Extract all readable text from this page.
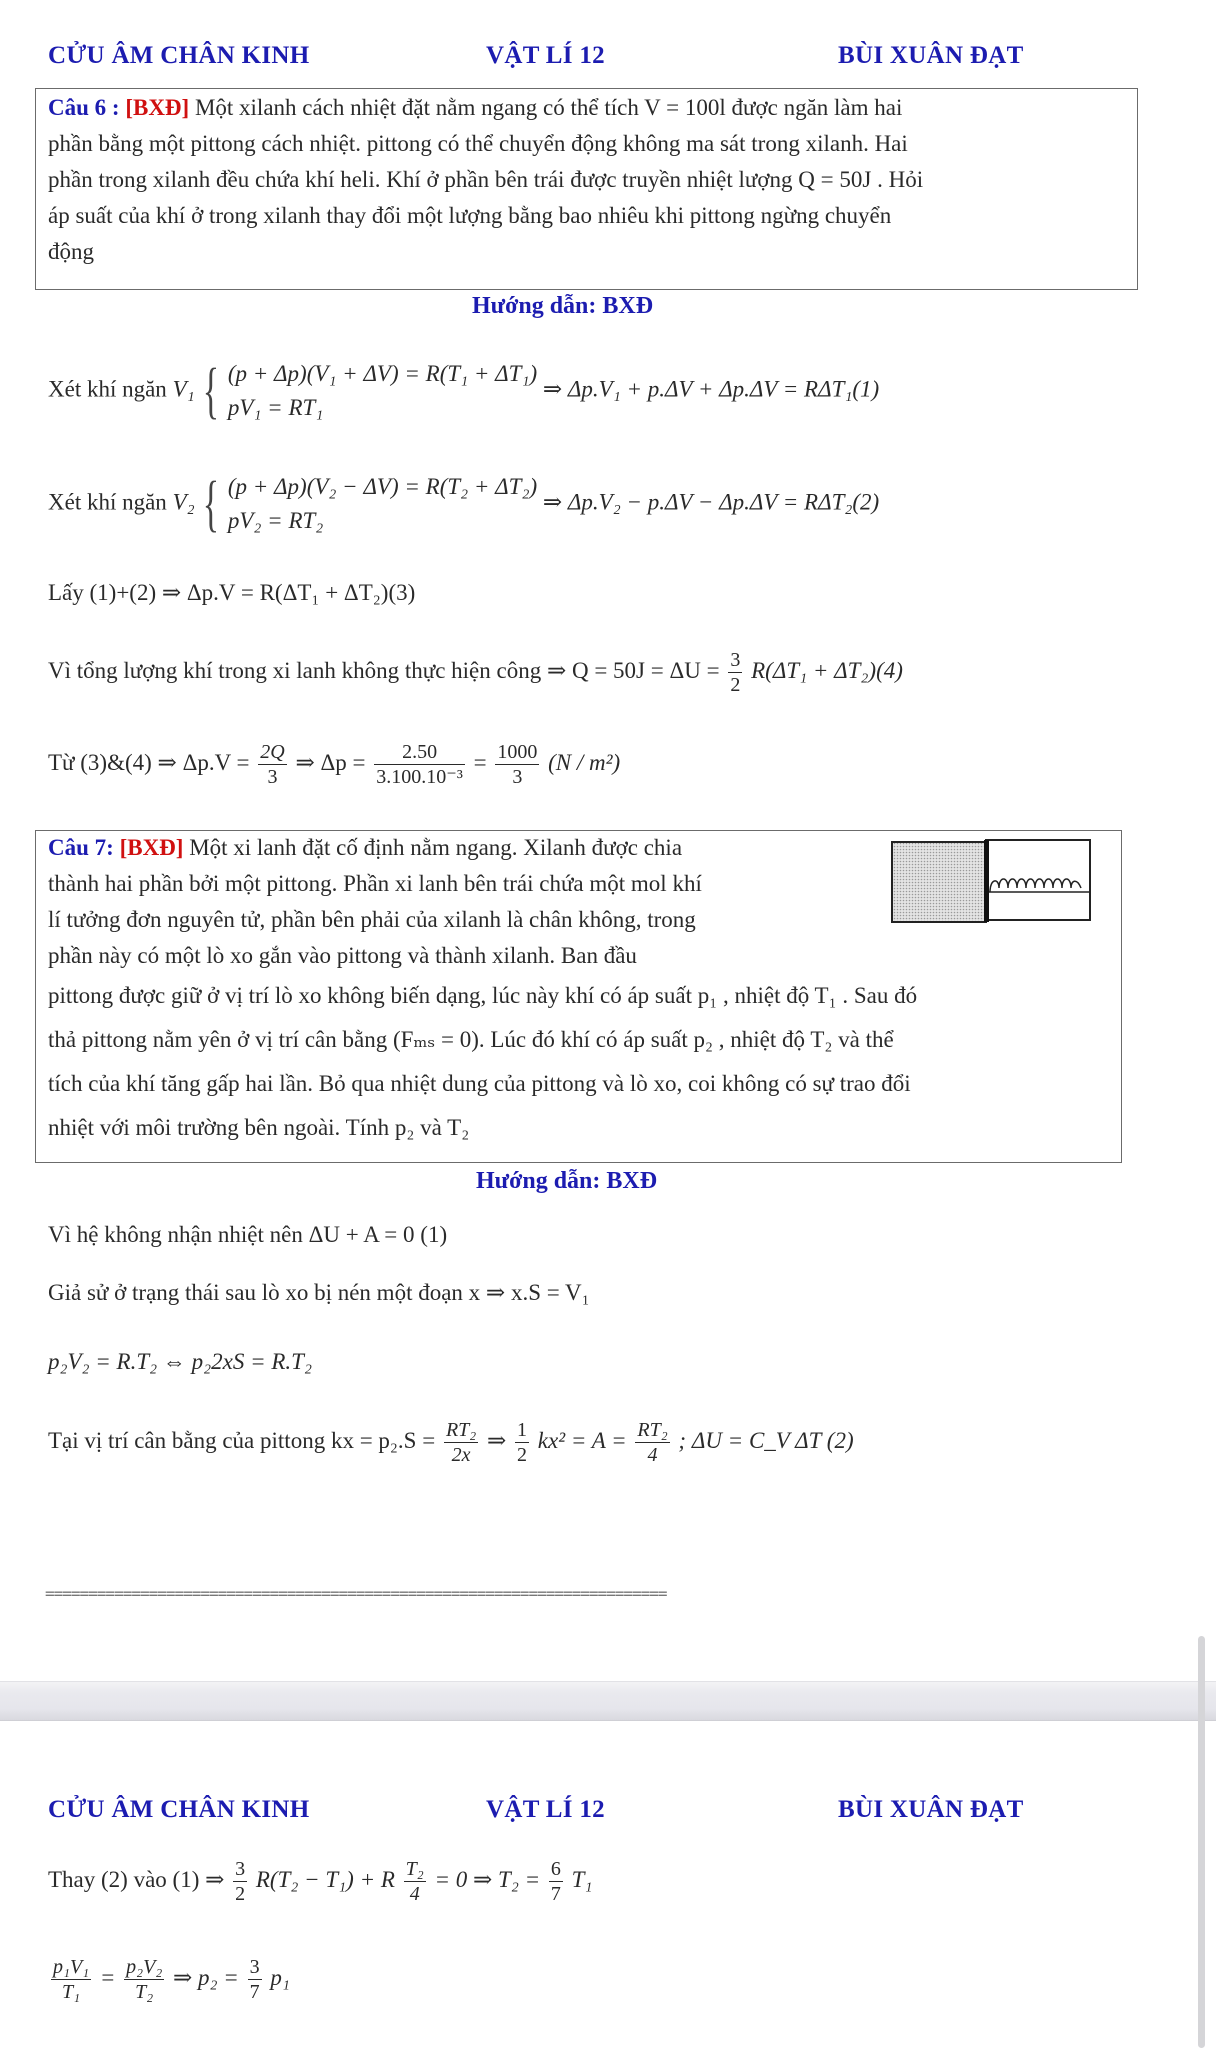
CỬU ÂM CHÂN KINH	VẬT LÍ 12	BÙI XUÂN ĐẠT
Câu 6 : [BXĐ] Một xilanh cách nhiệt đặt nằm ngang có thể tích V = 100l được ngăn làm hai
phần bằng một pittong cách nhiệt. pittong có thể chuyển động không ma sát trong xilanh. Hai
phần trong xilanh đều chứa khí heli. Khí ở phần bên trái được truyền nhiệt lượng Q = 50J . Hỏi
áp suất của khí ở trong xilanh thay đổi một lượng bằng bao nhiêu khi pittong ngừng chuyển
động
Hướng dẫn: BXĐ
Xét khí ngăn V₁ { (p + Δp)(V₁ + ΔV) = R(T₁ + ΔT₁)
pV₁ = RT₁
⇒ Δp.V₁ + p.ΔV + Δp.ΔV = RΔT₁(1)
Xét khí ngăn V₂ { (p + Δp)(V₂ − ΔV) = R(T₂ + ΔT₂)
pV₂ = RT₂
⇒ Δp.V₂ − p.ΔV − Δp.ΔV = RΔT₂(2)
Lấy (1)+(2) ⇒ Δp.V = R(ΔT₁ + ΔT₂)(3)
Vì tổng lượng khí trong xi lanh không thực hiện công ⇒ $Q = 50J = \Delta U = \frac{3}{2} R(\Delta T_1 + \Delta T_2)(4)$
Từ (3)&(4) ⇒ $\Delta p.V = \frac{2Q}{3}$ ⇒ $\Delta p = \frac{2.50}{\text{3.100.10⁻³}} = \frac{1000}{3} (N / m^2)$
Câu 7: [BXĐ] Một xi lanh đặt cố định nằm ngang. Xilanh được chia
thành hai phần bởi một pittong. Phần xi lanh bên trái chứa một mol khí
lí tưởng đơn nguyên tử, phần bên phải của xilanh là chân không, trong
phần này có một lò xo gắn vào pittong và thành xilanh. Ban đầu
pittong được giữ ở vị trí lò xo không biến dạng, lúc này khí có áp suất p₁ , nhiệt độ T₁ . Sau đó
thả pittong nằm yên ở vị trí cân bằng (Fₘₛ = 0). Lúc đó khí có áp suất p₂ , nhiệt độ T₂ và thể
tích của khí tăng gấp hai lần. Bỏ qua nhiệt dung của pittong và lò xo, coi không có sự trao đổi
nhiệt với môi trường bên ngoài. Tính p₂ và T₂
Hướng dẫn: BXĐ
Vì hệ không nhận nhiệt nên ΔU + A = 0 (1)
Giả sử ở trạng thái sau lò xo bị nén một đoạn x ⇒ x.S = V₁
p₂V₂ = R.T₂ ⇔ p₂2xS = R.T₂
Tại vị trí cân bằng của pittong kx = $p_2.S = \frac{\text{RT₂}}{2x}$ ⇒ $\frac{1}{2} kx^2 = A = \frac{\text{RT₂}}{4}$ ; ΔU = C_V ΔT (2)
========================================================================
CỬU ÂM CHÂN KINH	VẬT LÍ 12	BÙI XUÂN ĐẠT
Thay (2) vào (1) ⇒ $\frac{3}{2} R(T_2 - T_1) + R \frac{\text{T₂}}{4} = 0$ ⇒ $T_2 = \frac{6}{7} T_1$
$\frac{\text{p₁V₁}}{\text{T₁}} = \frac{\text{p₂V₂}}{\text{T₂}}$ ⇒ $p_2 = \frac{3}{7} p_1$
